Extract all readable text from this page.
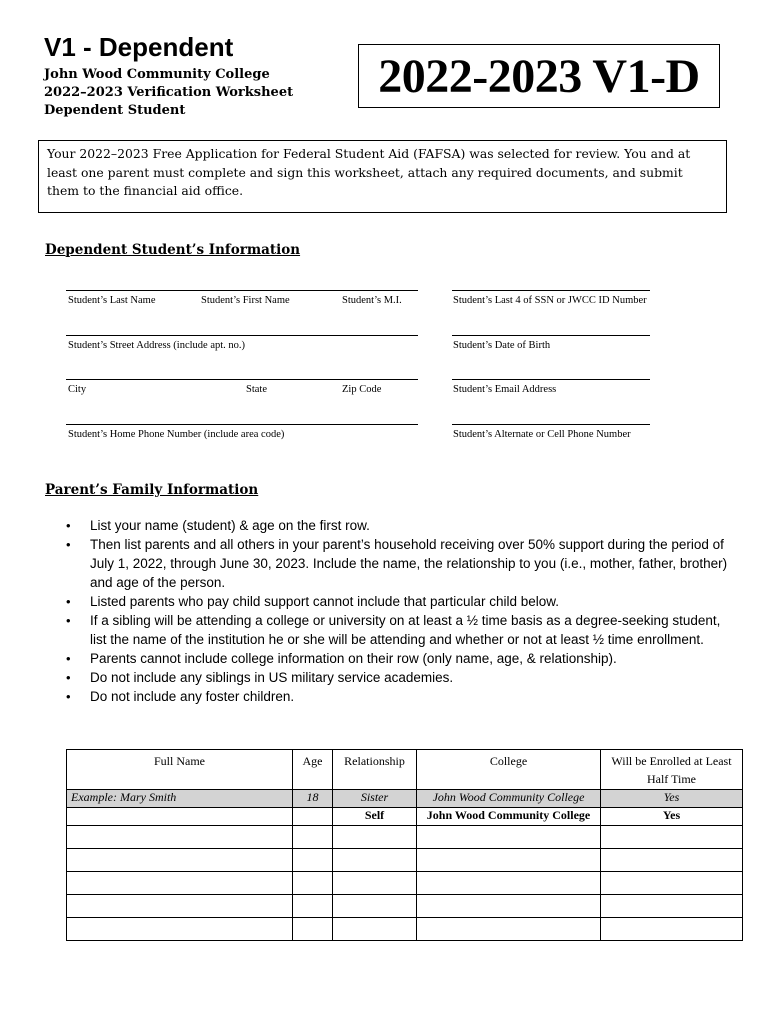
V1 - Dependent
John Wood Community College
2022–2023 Verification Worksheet
Dependent Student
2022-2023 V1-D
Your 2022–2023 Free Application for Federal Student Aid (FAFSA) was selected for review. You and at least one parent must complete and sign this worksheet, attach any required documents, and submit them to the financial aid office.
Dependent Student’s Information
Student’s Last Name	Student’s First Name	Student’s M.I.	Student’s Last 4 of SSN or JWCC ID Number
Student’s Street Address (include apt. no.)	Student’s Date of Birth
City	State	Zip Code	Student’s Email Address
Student’s Home Phone Number (include area code)	Student’s Alternate or Cell Phone Number
Parent’s Family Information
• List your name (student) & age on the first row.
• Then list parents and all others in your parent’s household receiving over 50% support during the period of July 1, 2022, through June 30, 2023. Include the name, the relationship to you (i.e., mother, father, brother) and age of the person.
• Listed parents who pay child support cannot include that particular child below.
• If a sibling will be attending a college or university on at least a ½ time basis as a degree-seeking student, list the name of the institution he or she will be attending and whether or not at least ½ time enrollment.
• Parents cannot include college information on their row (only name, age, & relationship).
• Do not include any siblings in US military service academies.
• Do not include any foster children.
Full Name	Age	Relationship	College	Will be Enrolled at Least Half Time
Example: Mary Smith	18	Sister	John Wood Community College	Yes
		Self	John Wood Community College	Yes
